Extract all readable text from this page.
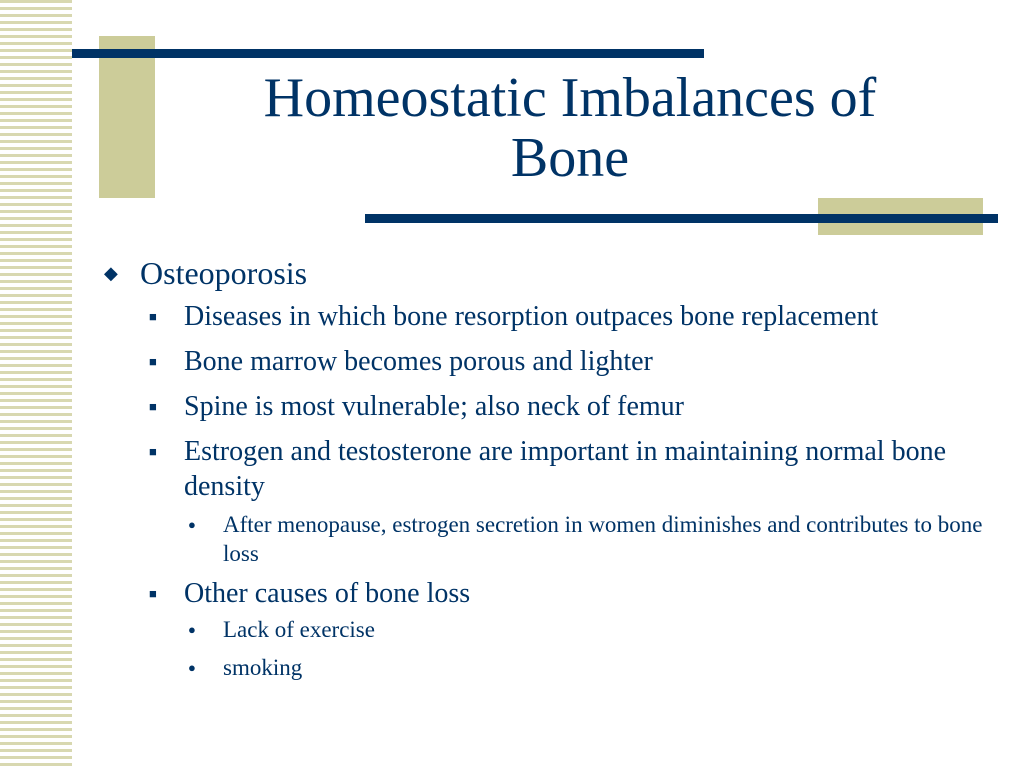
Homeostatic Imbalances of
Bone
◆ Osteoporosis
■ Diseases in which bone resorption outpaces bone replacement
■ Bone marrow becomes porous and lighter
■ Spine is most vulnerable; also neck of femur
■ Estrogen and testosterone are important in maintaining normal bone density
● After menopause, estrogen secretion in women diminishes and contributes to bone loss
■ Other causes of bone loss
● Lack of exercise
● smoking
